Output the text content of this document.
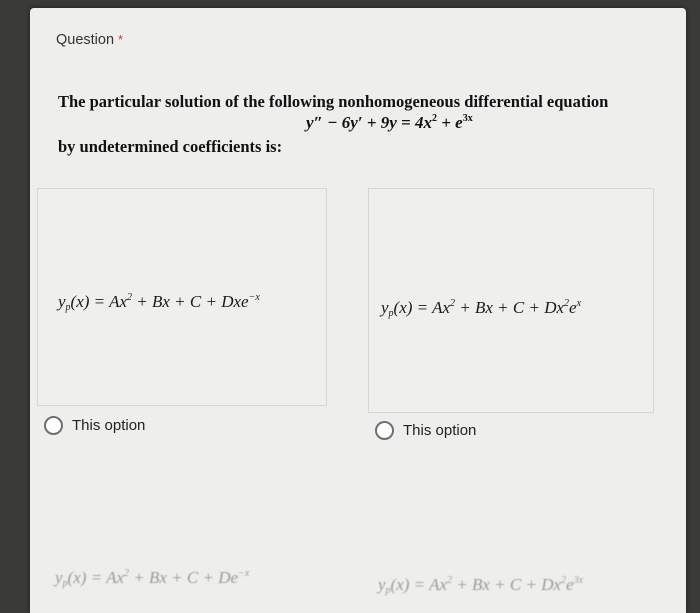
Question *
The particular solution of the following nonhomogeneous differential equation
$y'' - 6y' + 9y = 4x^2 + e^{3x}$
by undetermined coefficients is:
$y_p(x) = Ax^2 + Bx + C + Dxe^{-x}$
This option
$y_p(x) = Ax^2 + Bx + C + Dx^2e^x$
This option
$y_p(x) = Ax^2 + Bx + C + De^{-x}$
$y_p(x) = Ax^2 + Bx + C + Dx^2e^{3x}$
